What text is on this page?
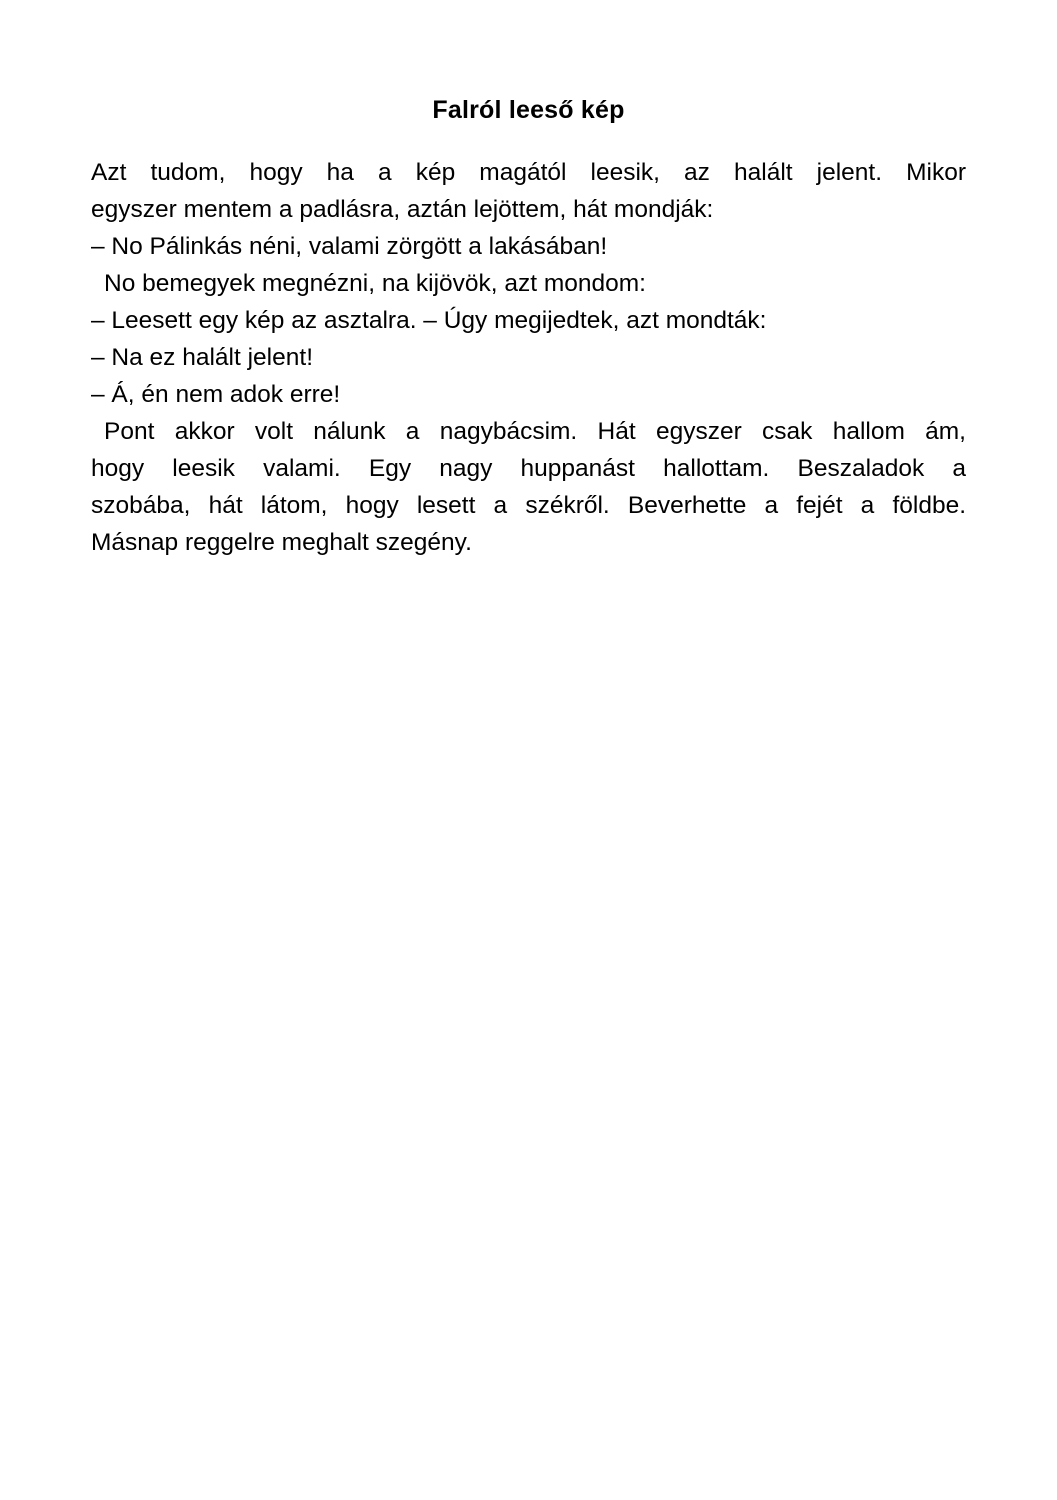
Falról leeső kép
Azt tudom, hogy ha a kép magától leesik, az halált jelent. Mikor
egyszer mentem a padlásra, aztán lejöttem, hát mondják:
– No Pálinkás néni, valami zörgött a lakásában!
No bemegyek megnézni, na kijövök, azt mondom:
– Leesett egy kép az asztalra. – Úgy megijedtek, azt mondták:
– Na ez halált jelent!
– Á, én nem adok erre!
Pont akkor volt nálunk a nagybácsim. Hát egyszer csak hallom ám,
hogy leesik valami. Egy nagy huppanást hallottam. Beszaladok a
szobába, hát látom, hogy lesett a székről. Beverhette a fejét a földbe.
Másnap reggelre meghalt szegény.
